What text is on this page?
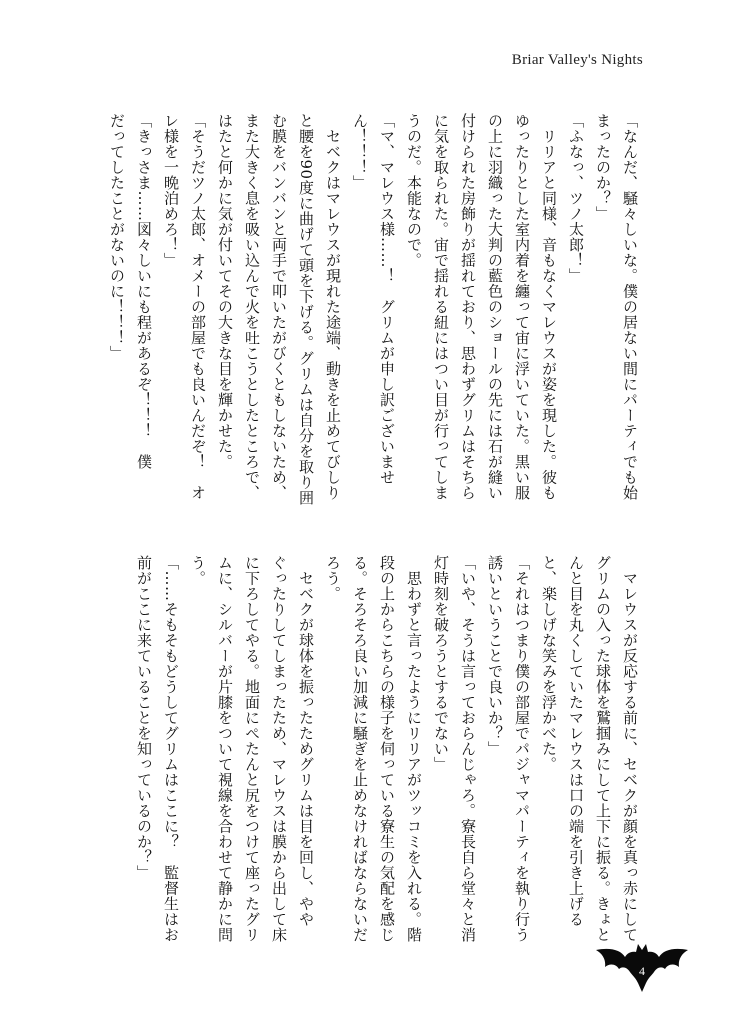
Briar Valley's Nights

「なんだ、騒々しいな。僕の居ない間にパーティでも始

まったのか？」

「ふなっ、ツノ太郎！」

　リリアと同様、音もなくマレウスが姿を現した。彼も

ゆったりとした室内着を纏って宙に浮いていた。黒い服

の上に羽織った大判の藍色のショールの先には石が縫い

付けられた房飾りが揺れており、思わずグリムはそちら

に気を取られた。宙で揺れる紐にはつい目が行ってしま

うのだ。本能なので。

「マ、マレウス様……！　グリムが申し訳ございませ

ん！！！」

　セベクはマレウスが現れた途端、動きを止めてびしり

と腰を90度に曲げて頭を下げる。グリムは自分を取り囲

む膜をバンバンと両手で叩いたがびくともしないため、

また大きく息を吸い込んで火を吐こうとしたところで、

はたと何かに気が付いてその大きな目を輝かせた。

「そうだツノ太郎、オメーの部屋でも良いんだぞ！　オ

レ様を一晩泊めろ！」

「きっさま……図々しいにも程があるぞ！！！　僕

だってしたことがないのに！！！」

　マレウスが反応する前に、セベクが顔を真っ赤にして

グリムの入った球体を鷲掴みにして上下に振る。きょと

んと目を丸くしていたマレウスは口の端を引き上げる

と、楽しげな笑みを浮かべた。

「それはつまり僕の部屋でパジャマパーティを執り行う

誘いということで良いか？」

「いや、そうは言っておらんじゃろ。寮長自ら堂々と消

灯時刻を破ろうとするでない」

　思わずと言ったようにリリアがツッコミを入れる。階

段の上からこちらの様子を伺っている寮生の気配を感じ

る。そろそろ良い加減に騒ぎを止めなければならないだ

ろう。

　セベクが球体を振ったためグリムは目を回し、やや

ぐったりしてしまったため、マレウスは膜から出して床

に下ろしてやる。地面にぺたんと尻をつけて座ったグリ

ムに、シルバーが片膝をついて視線を合わせて静かに問

う。

「……そもそもどうしてグリムはここに？　監督生はお

前がここに来ていることを知っているのか？」

4
